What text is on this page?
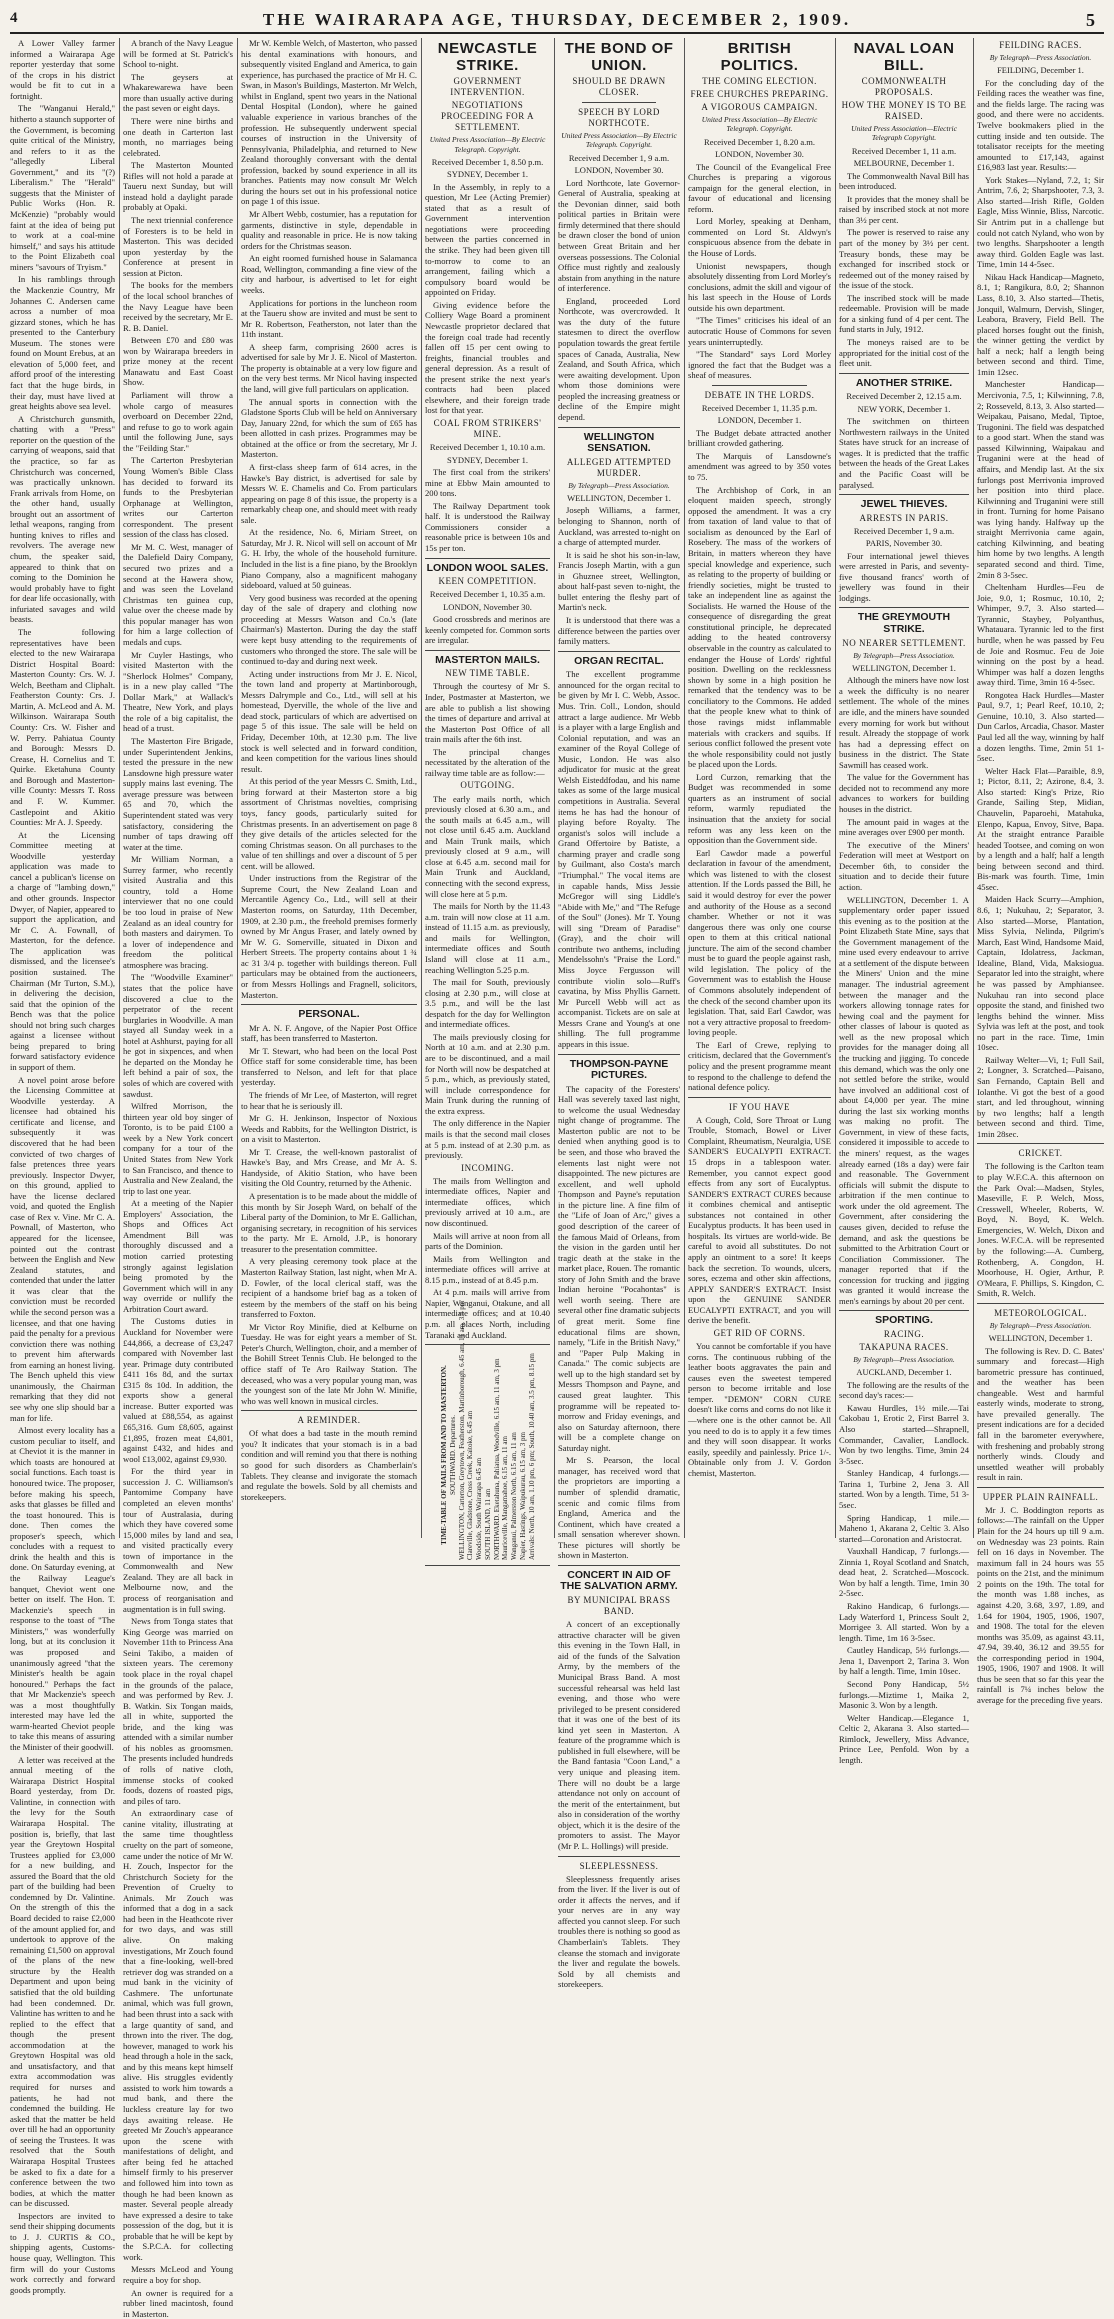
4	THE WAIRARAPA AGE, THURSDAY, DECEMBER 2, 1909.	5

A Lower Valley farmer informed a Wairarapa Age reporter yesterday that some of the crops in his district would be fit to cut in a fortnight.

The "Wanganui Herald," hitherto a staunch supporter of the Government, is becoming quite critical of the Ministry, and refers to it as the "allegedly Liberal Government," and its "(?) Liberalism." The "Herald" suggests that the Minister of Public Works (Hon. R. McKenzie) "probably would faint at the idea of being put to work at a coal-mine himself," and says his attitude to the Point Elizabeth coal miners "savours of Tryism."

In his ramblings through the Mackenzie Country, Mr Johannes C. Andersen came across a number of moa gizzard stones, which he has presented to the Canterbury Museum. The stones were found on Mount Erebus, at an elevation of 5,000 feet, and afford proof of the interesting fact that the huge birds, in their day, must have lived at great heights above sea level.

A Christchurch gunsmith, chatting with a "Press" reporter on the question of the carrying of weapons, said that the practice, so far as Christchurch was concerned, was practically unknown. Frank arrivals from Home, on the other hand, usually brought out an assortment of lethal weapons, ranging from hunting knives to rifles and revolvers. The average new chum, the speaker said, appeared to think that on coming to the Dominion he would probably have to fight for dear life occasionally, with infuriated savages and wild beasts.

The following representatives have been elected to the new Wairarapa District Hospital Board: Masterton County: Crs. W. J. Welch, Beetham and Cliphalt. Featherston County: Crs. J. Martin, A. McLeod and A. M. Wilkinson. Wairarapa South County: Crs. W. Fisher and W. Perry. Pahiatua County and Borough: Messrs D. Crease, H. Cornelius and T. Quirke. Eketahuna County and Borough and Masterton-ville County: Messrs T. Ross and F. W. Kummer. Castlepoint and Akitio Counties: Mr A. J. Speedy.

At the Licensing Committee meeting at Woodville yesterday application was made to cancel a publican's license on a charge of "lambing down," and other grounds. Inspector Dwyer, of Napier, appeared to support the application, and Mr C. A. Fownall, of Masterton, for the defence. The application was dismissed, and the licensee's position sustained. The Chairman (Mr Turton, S.M.), in delivering the decision, said that the opinion of the Bench was that the police should not bring such charges against a licensee without being prepared to bring forward satisfactory evidence in support of them.

A novel point arose before the Licensing Committee at Woodville yesterday. A licensee had obtained his certificate and license, and subsequently it was discovered that he had been convicted of two charges of false pretences three years previously. Inspector Dwyer, on this ground, applied to have the license declared void, and quoted the English case of Rex v. Vine. Mr C. A. Pownall, of Masterton, who appeared for the licensee, pointed out the contrast between the English and New Zealand statutes, and contended that under the latter it was clear that the conviction must be recorded while the second person was a licensee, and that one having paid the penalty for a previous conviction there was nothing to prevent him afterwards from earning an honest living. The Bench upheld this view unanimously, the Chairman remarking that they did not see why one slip should bar a man for life.

Almost every locality has a custom peculiar to itself, and at Cheviot it is the manner in which toasts are honoured at social functions. Each toast is honoured twice. The proposer, before making his speech, asks that glasses be filled and the toast honoured. This is done. Then comes the proposer's speech, which concludes with a request to drink the health and this is done. On Saturday evening, at the Railway League's banquet, Cheviot went one better on itself. The Hon. T. Mackenzie's speech in response to the toast of "The Ministers," was wonderfully long, but at its conclusion it was proposed and unanimously agreed "that the Minister's health be again honoured." Perhaps the fact that Mr Mackenzie's speech was a most thoughtfully interested may have led the warm-hearted Cheviot people to take this means of assuring the Minister of their goodwill.

A letter was received at the annual meeting of the Wairarapa District Hospital Board yesterday, from Dr. Valintine, in connection with the levy for the South Wairarapa Hospital. The position is, briefly, that last year the Greytown Hospital Trustees applied for £3,000 for a new building, and assured the Board that the old part of the building had been condemned by Dr. Valintine. On the strength of this the Board decided to raise £2,000 of the amount applied for, and undertook to approve of the remaining £1,500 on approval of the plans of the new structure by the Health Department and upon being satisfied that the old building had been condemned. Dr. Valintine has written to and he replied to the effect that though the present accommodation at the Greytown Hospital was old and unsatisfactory, and that extra accommodation was required for nurses and patients, he had not condemned the building. He asked that the matter be held over till he had an opportunity of seeing the Trustees. It was resolved that the South Wairarapa Hospital Trustees be asked to fix a date for a conference between the two bodies, at which the matter can be discussed.

Inspectors are invited to send their shipping documents to J. J. CURTIS & CO., shipping agents, Customs-house quay, Wellington. This firm will do your Customs work correctly and forward goods promptly.

A branch of the Navy League will be formed at St. Patrick's School to-night.

The geysers at Whakarewarewa have been more than usually active during the past seven or eight days.

There were nine births and one death in Carterton last month, no marriages being celebrated.

The Masterton Mounted Rifles will not hold a parade at Taueru next Sunday, but will instead hold a daylight parade probably at Opaki.

The next triennial conference of Foresters is to be held in Masterton. This was decided upon yesterday by the Conference at present in session at Picton.

The books for the members of the local school branches of the Navy League have been received by the secretary, Mr E. R. B. Daniel.

Between £70 and £80 was won by Wairarapa breeders in prize money at the recent Manawatu and East Coast Show.

Parliament will throw a whole cargo of measures overboard on December 22nd, and refuse to go to work again until the following June, says the "Feilding Star."

The Carterton Presbyterian Young Women's Bible Class has decided to forward its funds to the Presbyterian Orphanage at Wellington, writes our Carterton correspondent. The present session of the class has closed.

Mr M. C. West, manager of the Dalefield Dairy Company, secured two prizes and a second at the Hawera show, and was seen the Loveland Christmas ten guinea cup, value over the cheese made by this popular manager has won for him a large collection of medals and cups.

Mr Cuyler Hastings, who visited Masterton with the "Sherlock Holmes" Company, is in a new play called "The Dollar Mark," at Wallack's Theatre, New York, and plays the role of a big capitalist, the head of a trust.

The Masterton Fire Brigade, under Superintendent Jenkins, tested the pressure in the new Lansdowne high pressure water supply mains last evening. The average pressure was between 65 and 70, which the Superintendent stated was very satisfactory, considering the number of taps drawing off water at the time.

Mr William Norman, a Surrey farmer, who recently visited Australia and this country, told a Home interviewer that no one could be too loud in praise of New Zealand as an ideal country for both masters and dairymen. To a lover of independence and freedom the political atmosphere was bracing.

The "Woodville Examiner" states that the police have discovered a clue to the perpetrator of the recent burglaries in Woodville. A man stayed all Sunday week in a hotel at Ashhurst, paying for all he got in sixpences, and when he departed on the Monday he left behind a pair of sox, the soles of which are covered with sawdust.

Wilfred Morrison, the thirteen year old boy singer of Toronto, is to be paid £100 a week by a New York concert company for a tour of the United States from New York to San Francisco, and thence to Australia and New Zealand, the trip to last one year.

At a meeting of the Napier Employers' Association, the Shops and Offices Act Amendment Bill was thoroughly discussed and a motion carried protesting strongly against legislation being promoted by the Government which will in any way override or nullify the Arbitration Court award.

The Customs duties in Auckland for November were £44,866, a decrease of £3,247 compared with November last year. Primage duty contributed £411 16s 8d, and the surtax £315 8s 10d. In addition, the exports show a general increase. Butter exported was valued at £88,554, as against £65,316. Gum £8,605, against £1,895, frozen meat £4,801, against £432, and hides and wool £13,002, against £9,930.

For the third year in succession J. C. Williamson's Pantomime Company have completed an eleven months' tour of Australasia, during which they have covered some 15,000 miles by land and sea, and visited practically every town of importance in the Commonwealth and New Zealand. They are all back in Melbourne now, and the process of reorganisation and augmentation is in full swing.

News from Tonga states that King George was married on November 11th to Princess Ana Seini Takibo, a maiden of sixteen years. The ceremony took place in the royal chapel in the grounds of the palace, and was performed by Rev. J. B. Watkin. Six Tongan maids, all in white, supported the bride, and the king was attended with a similar number of his nobles as groomsmen. The presents included hundreds of rolls of native cloth, immense stocks of cooked foods, dozens of roasted pigs, and piles of taro.

An extraordinary case of canine vitality, illustrating at the same time thoughtless cruelty on the part of someone, came under the notice of Mr W. H. Zouch, Inspector for the Christchurch Society for the Prevention of Cruelty to Animals. Mr Zouch was informed that a dog in a sack had been in the Heathcote river for two days, and was still alive. On making investigations, Mr Zouch found that a fine-looking, well-bred retriever dog was stranded on a mud bank in the vicinity of Cashmere. The unfortunate animal, which was full grown, had been thrust into a sack with a large quantity of sand, and thrown into the river. The dog, however, managed to work his head through a hole in the sack, and by this means kept himself alive. His struggles evidently assisted to work him towards a mud bank, and there the luckless creature lay for two days awaiting release. He greeted Mr Zouch's appearance upon the scene with manifestations of delight, and after being fed he attached himself firmly to his preserver and followed him into town as though he had been known as master. Several people already have expressed a desire to take possession of the dog, but it is probable that he will be kept by the S.P.C.A. for collecting work.

Messrs McLeod and Young require a boy for shop.

An owner is required for a rubber lined macintosh, found in Masterton.

Mr W. Kemble Welch, of Masterton, who passed his dental examinations with honours, and subsequently visited England and America, to gain experience, has purchased the practice of Mr H. C. Swan, in Mason's Buildings, Masterton. Mr Welch, whilst in England, spent two years in the National Dental Hospital (London), where he gained valuable experience in various branches of the profession. He subsequently underwent special courses of instruction in the University of Pennsylvania, Philadelphia, and returned to New Zealand thoroughly conversant with the dental profession, backed by sound experience in all its branches. Patients may now consult Mr Welch during the hours set out in his professional notice on page 1 of this issue.

Mr Albert Webb, costumier, has a reputation for garments, distinctive in style, dependable in quality and reasonable in price. He is now taking orders for the Christmas season.

An eight roomed furnished house in Salamanca Road, Wellington, commanding a fine view of the city and harbour, is advertised to let for eight weeks.

Applications for portions in the luncheon room at the Taueru show are invited and must be sent to Mr R. Robertson, Featherston, not later than the 11th instant.

A sheep farm, comprising 2600 acres is advertised for sale by Mr J. E. Nicol of Masterton. The property is obtainable at a very low figure and on the very best terms. Mr Nicol having inspected the land, will give full particulars on application.

The annual sports in connection with the Gladstone Sports Club will be held on Anniversary Day, January 22nd, for which the sum of £65 has been allotted in cash prizes. Programmes may be obtained at the office or from the secretary, Mr J. Masterton.

A first-class sheep farm of 614 acres, in the Hawke's Bay district, is advertised for sale by Messrs W. E. Chamelis and Co. From particulars appearing on page 8 of this issue, the property is a remarkably cheap one, and should meet with ready sale.

At the residence, No. 6, Miriam Street, on Saturday, Mr J. R. Nicol will sell on account of Mr G. H. Irby, the whole of the household furniture. Included in the list is a fine piano, by the Brooklyn Piano Company, also a magnificent mahogany sideboard, valued at 50 guineas.

Very good business was recorded at the opening day of the sale of drapery and clothing now proceeding at Messrs Watson and Co.'s (late Chairman's) Masterton. During the day the staff were kept busy attending to the requirements of customers who thronged the store. The sale will be continued to-day and during next week.

Acting under instructions from Mr J. E. Nicol, the town land and property at Martinborough, Messrs Dalrymple and Co., Ltd., will sell at his homestead, Dyerville, the whole of the live and dead stock, particulars of which are advertised on page 5 of this issue. The sale will be held on Friday, December 10th, at 12.30 p.m. The live stock is well selected and in forward condition, and keen competition for the various lines should result.

At this period of the year Messrs C. Smith, Ltd., bring forward at their Masterton store a big assortment of Christmas novelties, comprising toys, fancy goods, particularly suited for Christmas presents. In an advertisement on page 8 they give details of the articles selected for the coming Christmas season. On all purchases to the value of ten shillings and over a discount of 5 per cent. will be allowed.

Under instructions from the Registrar of the Supreme Court, the New Zealand Loan and Mercantile Agency Co., Ltd., will sell at their Masterton rooms, on Saturday, 11th December, 1909, at 2.30 p.m., the freehold premises formerly owned by Mr Angus Fraser, and lately owned by Mr W. G. Somerville, situated in Dixon and Herbert Streets. The property contains about 1 ¾ ac 31 3/4 p. together with buildings thereon. Full particulars may be obtained from the auctioneers, or from Messrs Hollings and Fragnell, solicitors, Masterton.

PERSONAL.

Mr A. N. F. Angove, of the Napier Post Office staff, has been transferred to Masterton.

Mr T. Stewart, who had been on the local Post Office staff for some considerable time, has been transferred to Nelson, and left for that place yesterday.

The friends of Mr Lee, of Masterton, will regret to hear that he is seriously ill.

Mr G. H. Jenkinson, Inspector of Noxious Weeds and Rabbits, for the Wellington District, is on a visit to Masterton.

Mr T. Crease, the well-known pastoralist of Hawke's Bay, and Mrs Crease, and Mr A. S. Handyside, of Akitio Station, who have been visiting the Old Country, returned by the Athenic.

A presentation is to be made about the middle of this month by Sir Joseph Ward, on behalf of the Liberal party of the Dominion, to Mr E. Gallichan, organising secretary, in recognition of his services to the party. Mr E. Arnold, J.P., is honorary treasurer to the presentation committee.

A very pleasing ceremony took place at the Masterton Railway Station, last night, when Mr A. D. Fowler, of the local clerical staff, was the recipient of a handsome brief bag as a token of esteem by the members of the staff on his being transferred to Foxton.

Mr Victor Roy Minifie, died at Kelburne on Tuesday. He was for eight years a member of St. Peter's Church, Wellington, choir, and a member of the Bohill Street Tennis Club. He belonged to the office staff of Te Aro Railway Station. The deceased, who was a very popular young man, was the youngest son of the late Mr John W. Minifie, who was well known in musical circles.

A REMINDER.

Of what does a bad taste in the mouth remind you? It indicates that your stomach is in a bad condition and will remind you that there is nothing so good for such disorders as Chamberlain's Tablets. They cleanse and invigorate the stomach and regulate the bowels. Sold by all chemists and storekeepers.

NEWCASTLE STRIKE.
GOVERNMENT INTERVENTION.
NEGOTIATIONS PROCEEDING FOR A SETTLEMENT.
United Press Association—By Electric Telegraph. Copyright.
Received December 1, 8.50 p.m.
SYDNEY, December 1.

In the Assembly, in reply to a question, Mr Lee (Acting Premier) stated that as a result of Government intervention negotiations were proceeding between the parties concerned in the strike. They had been given till to-morrow to come to an arrangement, failing which a compulsory board would be appointed on Friday.

Giving evidence before the Colliery Wage Board a prominent Newcastle proprietor declared that the foreign coal trade had recently fallen off 15 per cent owing to freights, financial troubles and general depression. As a result of the present strike the next year's contracts had been placed elsewhere, and their foreign trade lost for that year.

COAL FROM STRIKERS' MINE.
Received December 1, 10.10 a.m.
SYDNEY, December 1.

The first coal from the strikers' mine at Ebbw Main amounted to 200 tons.

The Railway Department took half. It is understood the Railway Commissioners consider a reasonable price is between 10s and 15s per ton.

LONDON WOOL SALES.
KEEN COMPETITION.
Received December 1, 10.35 a.m.
LONDON, November 30.

Good crossbreds and merinos are keenly competed for. Common sorts are irregular.

MASTERTON MAILS.
NEW TIME TABLE.

Through the courtesy of Mr S. Inder, Postmaster at Masterton, we are able to publish a list showing the times of departure and arrival at the Masterton Post Office of all train mails after the 6th inst.

The principal changes necessitated by the alteration of the railway time table are as follow:—

OUTGOING.

The early mails north, which previously closed at 6.30 a.m., and the south mails at 6.45 a.m., will not close until 6.45 a.m. Auckland and Main Trunk mails, which previously closed at 9 a.m., will close at 6.45 a.m. second mail for Main Trunk and Auckland, connecting with the second express, will close here at 5 p.m.

The mails for North by the 11.43 a.m. train will now close at 11 a.m. instead of 11.15 a.m. as previously, and mails for Wellington, intermediate offices and South Island will close at 11 a.m., reaching Wellington 5.25 p.m.

The mail for South, previously closing at 2.30 p.m., will close at 3.5 p.m., and will be the last despatch for the day for Wellington and intermediate offices.

The mails previously closing for North at 10 a.m. and at 2.30 p.m. are to be discontinued, and a mail for North will now be despatched at 5 p.m., which, as previously stated, will include correspondence for Main Trunk during the running of the extra express.

The only difference in the Napier mails is that the second mail closes at 5 p.m. instead of at 2.30 p.m. as previously.

INCOMING.

The mails from Wellington and intermediate offices, Napier and intermediate offices, which previously arrived at 10 a.m., are now discontinued.

Mails will arrive at noon from all parts of the Dominion.

Mails from Wellington and intermediate offices will arrive at 8.15 p.m., instead of at 8.45 p.m.

At 4 p.m. mails will arrive from Napier, Wanganui, Otakune, and all intermediate offices; and at 10.40 p.m. all places North, including Taranaki and Auckland.

TIME-TABLE OF MAILS FROM AND TO MASTERTON. SOUTHWARD. Departures. WELLINGTON, Carterton, Greytown, Featherston, Martinborough, 6.45 am, 11 am, 3.5 pm Clareville, Gladstone, Cross Creek, Kaitoke, 6.45 am Woodside, South Wairarapa 6.45 am SOUTH ISLAND, 11 am NORTHWARD. Eketahuna, Pahiatua, Woodville, 6.15 am, 11 am, 3 pm Mauriceville, Mangamahoe, 6.15 am, 11 am Wanganui, Palmerston North, 6.15 am, 11 am Napier, Hastings, Waipukurau, 6.15 am, 3 pm Arrivals: North, 10 am, 1.10 pm, 6 pm; South, 10.40 am, 3.5 pm, 8.15 pm
THE BOND OF UNION.
SHOULD BE DRAWN CLOSER.
SPEECH BY LORD NORTHCOTE.
United Press Association—By Electric Telegraph. Copyright.
Received December 1, 9 a.m.
LONDON, November 30.

Lord Northcote, late Governor-General of Australia, speaking at the Devonian dinner, said both political parties in Britain were firmly determined that there should be drawn closer the bond of union between Great Britain and her overseas possessions. The Colonial Office must rightly and zealously abstain from anything in the nature of interference.

England, proceeded Lord Northcote, was overcrowded. It was the duty of the future statesmen to direct the overflow population towards the great fertile spaces of Canada, Australia, New Zealand, and South Africa, which were awaiting development. Upon whom those dominions were peopled the increasing greatness or decline of the Empire might depend.

WELLINGTON SENSATION.
ALLEGED ATTEMPTED MURDER.
By Telegraph—Press Association.
WELLINGTON, December 1.

Joseph Williams, a farmer, belonging to Shannon, north of Auckland, was arrested to-night on a charge of attempted murder.

It is said he shot his son-in-law, Francis Joseph Martin, with a gun in Ghuznee street, Wellington, about half-past seven to-night, the bullet entering the fleshy part of Martin's neck.

It is understood that there was a difference between the parties over family matters.

ORGAN RECITAL.

The excellent programme announced for the organ recital to be given by Mr I. C. Webb, Assoc. Mus. Trin. Coll., London, should attract a large audience. Mr Webb is a player with a large English and Colonial reputation, and was an examiner of the Royal College of Music, London. He was also adjudicator for music at the great Welsh Eisteddfodau, and his name takes as some of the large musical competitions in Australia. Several items he has had the honour of playing before Royalty. The organist's solos will include a Grand Offertoire by Batiste, a charming prayer and cradle song by Guilmant, also Costa's march "Triumphal." The vocal items are in capable hands, Miss Jessie McGregor will sing Liddle's "Abide with Me," and "The Refuge of the Soul" (Jones). Mr T. Young will sing "Dream of Paradise" (Gray), and the choir will contribute two anthems, including Mendelssohn's "Praise the Lord." Miss Joyce Fergusson will contribute violin solo—Ruff's cavatina, by Miss Phyllis Garnett. Mr Purcell Webb will act as accompanist. Tickets are on sale at Messrs Crane and Young's at one shilling. The full programme appears in this issue.

THOMPSON-PAYNE PICTURES.

The capacity of the Foresters' Hall was severely taxed last night, to welcome the usual Wednesday night change of programme. The Masterton public are not to be denied when anything good is to be seen, and those who braved the elements last night were not disappointed. The new pictures are excellent, and well uphold Thompson and Payne's reputation in the picture line. A fine film of the "Life of Joan of Arc," gives a good description of the career of the famous Maid of Orleans, from the vision in the garden until her tragic death at the stake in the market place, Rouen. The romantic story of John Smith and the brave Indian heroine "Pocahontas" is well worth seeing. There are several other fine dramatic subjects of great merit. Some fine educational films are shown, namely, "Life in the British Navy," and "Paper Pulp Making in Canada." The comic subjects are well up to the high standard set by Messrs Thompson and Payne, and caused great laughter. This programme will be repeated to-morrow and Friday evenings, and also on Saturday afternoon, there will be a complete change on Saturday night.

Mr S. Pearson, the local manager, has received word that the proprietors are importing a number of splendid dramatic, scenic and comic films from England, America and the Continent, which have created a small sensation wherever shown. These pictures will shortly be shown in Masterton.

CONCERT IN AID OF THE SALVATION ARMY.
BY MUNICIPAL BRASS BAND.

A concert of an exceptionally attractive character will be given this evening in the Town Hall, in aid of the funds of the Salvation Army, by the members of the Municipal Brass Band. A most successful rehearsal was held last evening, and those who were privileged to be present considered that it was one of the best of its kind yet seen in Masterton. A feature of the programme which is published in full elsewhere, will be the Band fantasia "Coon Land," a very unique and pleasing item. There will no doubt be a large attendance not only on account of the merit of the entertainment, but also in consideration of the worthy object, which it is the desire of the promoters to assist. The Mayor (Mr P. L. Hollings) will preside.

SLEEPLESSNESS.

Sleeplessness frequently arises from the liver. If the liver is out of order it affects the nerves, and if your nerves are in any way affected you cannot sleep. For such troubles there is nothing so good as Chamberlain's Tablets. They cleanse the stomach and invigorate the liver and regulate the bowels. Sold by all chemists and storekeepers.

BRITISH POLITICS.
THE COMING ELECTION.
FREE CHURCHES PREPARING.
A VIGOROUS CAMPAIGN.
United Press Association—By Electric Telegraph. Copyright.
Received December 1, 8.20 a.m.
LONDON, November 30.

The Council of the Evangelical Free Churches is preparing a vigorous campaign for the general election, in favour of educational and licensing reform.

Lord Morley, speaking at Denham, commented on Lord St. Aldwyn's conspicuous absence from the debate in the House of Lords.

Unionist newspapers, though absolutely dissenting from Lord Morley's conclusions, admit the skill and vigour of his last speech in the House of Lords outside his own department.

"The Times" criticises his ideal of an autocratic House of Commons for seven years uninterruptedly.

"The Standard" says Lord Morley ignored the fact that the Budget was a sheaf of measures.

DEBATE IN THE LORDS.
Received December 1, 11.35 p.m.
LONDON, December 1.

The Budget debate attracted another brilliant crowded gathering.

The Marquis of Lansdowne's amendment was agreed to by 350 votes to 75.

The Archbishop of Cork, in an eloquent maiden speech, strongly opposed the amendment. It was a cry from taxation of land value to that of socialism as denounced by the Earl of Rosebery. The mass of the workers of Britain, in matters whereon they have special knowledge and experience, such as relating to the property of building or friendly societies, might be trusted to take an independent line as against the Socialists. He warned the House of the consequence of disregarding the great constitutional principle, he deprecated adding to the heated controversy observable in the country as calculated to endanger the House of Lords' rightful position. Dwelling on the recklessness shown by some in a high position he remarked that the tendency was to be conciliatory to the Commons. He added that the people knew what to think of those ravings midst inflammable materials with crackers and squibs. If serious conflict followed the present vote the whole responsibility could not justly be placed upon the Lords.

Lord Curzon, remarking that the Budget was recommended in some quarters as an instrument of social reform, warmly repudiated the insinuation that the anxiety for social reform was any less keen on the opposition than the Government side.

Earl Cawdor made a powerful declaration in favour of the amendment, which was listened to with the closest attention. If the Lords passed the Bill, he said it would destroy for ever the power and authority of the House as a second chamber. Whether or not it was dangerous there was only one course open to them at this critical national juncture. The aim of the second chamber must be to guard the people against rash, wild legislation. The policy of the Government was to establish the House of Commons absolutely independent of the check of the second chamber upon its legislation. That, said Earl Cawdor, was not a very attractive proposal to freedom-loving people.

The Earl of Crewe, replying to criticism, declared that the Government's policy and the present programme meant to respond to the challenge to defend the national defence policy.

IF YOU HAVE

A Cough, Cold, Sore Throat or Lung Trouble, Stomach, Bowel or Liver Complaint, Rheumatism, Neuralgia, USE SANDER'S EUCALYPTI EXTRACT. 15 drops in a tablespoon water. Remember, you cannot expect good effects from any sort of Eucalyptus. SANDER'S EXTRACT CURES because it combines chemical and antiseptic substances not contained in other Eucalyptus products. It has been used in hospitals. Its virtues are world-wide. Be careful to avoid all substitutes. Do not apply an ointment to a sore! It keeps back the secretion. To wounds, ulcers, sores, eczema and other skin affections, APPLY SANDER'S EXTRACT. Insist upon the GENUINE SANDER EUCALYPTI EXTRACT, and you will derive the benefit.

GET RID OF CORNS.

You cannot be comfortable if you have corns. The continuous rubbing of the leather boots aggravates the pain and causes even the sweetest tempered person to become irritable and lose temper. "DEMON" CORN CURE doesn't like corns and corns do not like it—where one is the other cannot be. All you need to do is to apply it a few times and they will soon disappear. It works easily, speedily and painlessly. Price 1/-. Obtainable only from J. V. Gordon chemist, Masterton.

NAVAL LOAN BILL.
COMMONWEALTH PROPOSALS.
HOW THE MONEY IS TO BE RAISED.
United Press Association—Electric Telegraph Copyright.
Received December 1, 11 a.m.
MELBOURNE, December 1.

The Commonwealth Naval Bill has been introduced.

It provides that the money shall be raised by inscribed stock at not more than 3½ per cent.

The power is reserved to raise any part of the money by 3½ per cent. Treasury bonds, these may be exchanged for inscribed stock or redeemed out of the money raised by the issue of the stock.

The inscribed stock will be made redeemable. Provision will be made for a sinking fund of 4 per cent. The fund starts in July, 1912.

The moneys raised are to be appropriated for the initial cost of the fleet unit.

ANOTHER STRIKE.
Received December 2, 12.15 a.m.
NEW YORK, December 1.

The switchmen on thirteen Northwestern railways in the United States have struck for an increase of wages. It is predicted that the traffic between the heads of the Great Lakes and the Pacific Coast will be paralysed.

JEWEL THIEVES.
ARRESTS IN PARIS.
Received December 1, 9 a.m.
PARIS, November 30.

Four international jewel thieves were arrested in Paris, and seventy-five thousand francs' worth of jewellery was found in their lodgings.

THE GREYMOUTH STRIKE.
NO NEARER SETTLEMENT.
By Telegraph—Press Association.
WELLINGTON, December 1.

Although the miners have now lost a week the difficulty is no nearer settlement. The whole of the mines are idle, and the miners have sounded every morning for work but without result. Already the stoppage of work has had a depressing effect on business in the district. The State Sawmill has ceased work.

The value for the Government has decided not to recommend any more advances to workers for building houses in the district.

The amount paid in wages at the mine averages over £900 per month.

The executive of the Miners' Federation will meet at Westport on December 6th, to consider the situation and to decide their future action.

WELLINGTON, December 1. A supplementary order paper issued this evening as to the position at the Point Elizabeth State Mine, says that the Government management of the mine used every endeavour to arrive at a settlement of the dispute between the Miners' Union and the mine manager. The industrial agreement between the manager and the workers allowing tonnage rates for hewing coal and the payment for other classes of labour is quoted as well as the new proposal which provides for the manager doing all the trucking and jigging. To concede this demand, which was the only one not settled before the strike, would have involved an additional cost of about £4,000 per year. The mine during the last six working months was making no profit. The Government, in view of these facts, considered it impossible to accede to the miners' request, as the wages already earned (18s a day) were fair and reasonable. The Government officials will submit the dispute to arbitration if the men continue to work under the old agreement. The Government, after considering the causes given, decided to refuse the demand, and ask the questions be submitted to the Arbitration Court or Conciliation Commissioner. The manager reported that if the concession for trucking and jigging was granted it would increase the men's earnings by about 20 per cent.

SPORTING.
RACING.
TAKAPUNA RACES.
By Telegraph—Press Association.
AUCKLAND, December 1.

The following are the results of the second day's races:—

Kawau Hurdles, 1½ mile.—Tai Cakobau 1, Erotic 2, First Barrel 3. Also started—Shrapnell, Commander, Cavalier, Landlock. Won by two lengths. Time, 3min 24 3-5sec.

Stanley Handicap, 4 furlongs.—Tarina 1, Turbine 2, Jena 3. All started. Won by a length. Time, 51 3-5sec.

Spring Handicap, 1 mile.—Maheno 1, Akarana 2, Celtic 3. Also started—Coronation and Aristocrat.

Vauxhall Handicap, 7 furlongs.—Zinnia 1, Royal Scotland and Snatch, dead heat, 2. Scratched—Moscock. Won by half a length. Time, 1min 30 2-5sec.

Rakino Handicap, 6 furlongs.—Lady Waterford 1, Princess Soult 2, Morrigee 3. All started. Won by a length. Time, 1m 16 3-5sec.

Cautley Handicap, 5½ furlongs.—Jena 1, Davenport 2, Tarina 3. Won by half a length. Time, 1min 10sec.

Second Pony Handicap, 5½ furlongs.—Miztime 1, Maika 2, Masonic 3. Won by a length.

Welter Handicap.—Elegance 1, Celtic 2, Akarana 3. Also started—Rimlock, Jewellery, Miss Advance, Prince Lee, Penfold. Won by a length.

FEILDING RACES.
By Telegraph—Press Association.
FEILDING, December 1.

For the concluding day of the Feilding races the weather was fine, and the fields large. The racing was good, and there were no accidents. Twelve bookmakers plied in the cutting inside and ten outside. The totalisator receipts for the meeting amounted to £17,143, against £16,983 last year. Results:—

York Stakes—Nyland, 7.2, 1; Sir Antrim, 7.6, 2; Sharpshooter, 7.3, 3. Also started—Irish Rifle, Golden Eagle, Miss Winnie, Bliss, Narcotic. Sir Antrim put in a challenge but could not catch Nyland, who won by two lengths. Sharpshooter a length away third. Golden Eagle was last. Time, 1min 14 4-5sec.

Nikau Hack Handicap—Magneto, 8.1, 1; Rangikura, 8.0, 2; Shannon Lass, 8.10, 3. Also started—Thetis, Jonquil, Walmurn, Dervish, Slinger, Leabora, Bravery, Field Bell. The placed horses fought out the finish, the winner getting the verdict by half a neck; half a length being between second and third. Time, 1min 12sec.

Manchester Handicap—Mercivonia, 7.5, 1; Kilwinning, 7.8, 2; Rosseveld, 8.13, 3. Also started—Weipakau, Paisano, Medal, Tiptoe, Trugonini. The field was despatched to a good start. When the stand was passed Kilwinning, Waipakau and Truganini were at the head of affairs, and Mendip last. At the six furlongs post Merrivonia improved her position into third place. Kilwinning and Truganini were still in front. Turning for home Paisano was lying handy. Halfway up the straight Merrivonia came again, catching Kilwinning, and beating him home by two lengths. A length separated second and third. Time, 2min 8 3-5sec.

Cheltenham Hurdles—Feu de Joie, 9.0, 1; Rosmuc, 10.10, 2; Whimper, 9.7, 3. Also started—Tyrannic, Staybey, Polyanthus, Whatauara. Tyrannic led to the first hurdle, when he was passed by Feu de Joie and Rosmuc. Feu de Joie winning on the post by a head. Whimper was half a dozen lengths away third. Time, 3min 16 4-5sec.

Rongotea Hack Hurdles—Master Paul, 9.7, 1; Pearl Reef, 10.10, 2; Genuine, 10.10, 3. Also started—Dun Carlos, Arcadia, Chasor. Master Paul led all the way, winning by half a dozen lengths. Time, 2min 51 1-5sec.

Welter Hack Flat—Paraible, 8.9, 1; Pictor, 8.11, 2; Azirone, 8.4, 3. Also started: King's Prize, Rio Grande, Sailing Step, Midian, Chauvelin, Paparoehi, Matahuka, Elenpo, Kapua, Envoy, Sitve, Bapa. At the straight entrance Paraible headed Tootsee, and coming on won by a length and a half; half a length being between second and third. Bis-mark was fourth. Time, 1min 45sec.

Maiden Hack Scurry—Amphion, 8.6, 1; Nukuhau, 2; Separator, 3. Also started—Morse, Plantation, Miss Sylvia, Nelinda, Pilgrim's March, East Wind, Handsome Maid, Captain, Idolatress, Jackman, Idealine, Bland, Vida, Maksiogua. Separator led into the straight, where he was passed by Amphiansee. Nukuhau ran into second place opposite the stand, and finished two lengths behind the winner. Miss Sylvia was left at the post, and took no part in the race. Time, 1min 10sec.

Railway Welter—Vi, 1; Full Sail, 2; Longner, 3. Scratched—Paisano, San Fernando, Captain Bell and Iolanthe. Vi got the best of a good start, and led throughout, winning by two lengths; half a length between second and third. Time, 1min 28sec.

CRICKET.

The following is the Carlton team to play W.F.C.A. this afternoon on the Park Oval:—Madsen, Styles, Maseville, F. P. Welch, Moss, Cresswell, Wheeler, Roberts, W. Boyd, N. Boyd, K. Welch. Emergencies, W. Welch, Dixon and Jones. W.F.C.A. will be represented by the following:—A. Cumberg, Rothenberg, A. Congdon, H. Moorhouse, H. Ogier, Arthur, P. O'Meara, F. Phillips, S. Kingdon, C. Smith, R. Welch.

METEOROLOGICAL.
By Telegraph—Press Association.
WELLINGTON, December 1.

The following is Rev. D. C. Bates' summary and forecast—High barometric pressure has continued, and the weather has been changeable. West and harmful easterly winds, moderate to strong, have prevailed generally. The present indications are for a decided fall in the barometer everywhere, with freshening and probably strong northerly winds. Cloudy and unsettled weather will probably result in rain.

UPPER PLAIN RAINFALL.

Mr J. C. Boddington reports as follows:—The rainfall on the Upper Plain for the 24 hours up till 9 a.m. on Wednesday was 23 points. Rain fell on 16 days in November. The maximum fall in 24 hours was 55 points on the 21st, and the minimum 2 points on the 19th. The total for the month was 1.88 inches, as against 4.20, 3.68, 3.97, 1.89, and 1.64 for 1904, 1905, 1906, 1907, and 1908. The total for the eleven months was 35.09, as against 43.11, 47.94, 39.40, 36.12 and 39.55 for the corresponding period in 1904, 1905, 1906, 1907 and 1908. It will thus be seen that so far this year the rainfall is 7¼ inches below the average for the preceding five years.
